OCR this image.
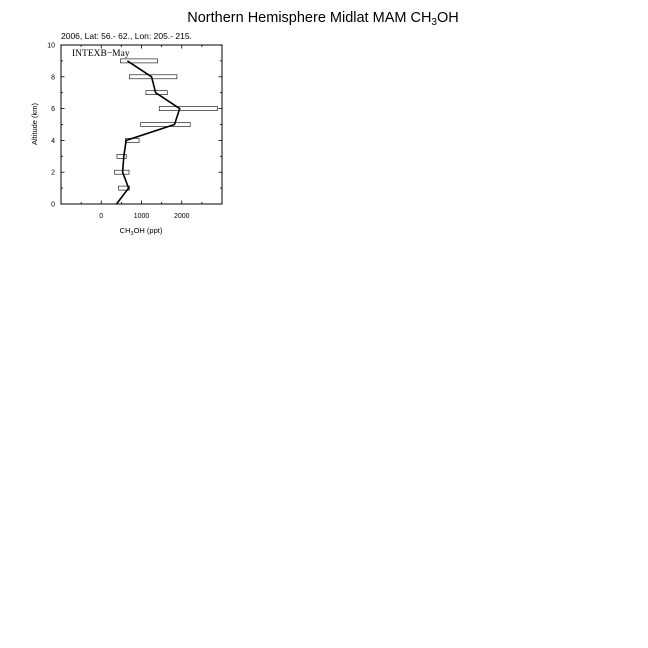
Northern Hemisphere Midlat MAM $CH_3OH$
2006, Lat: 56.- 62., Lon: 205.- 215.
0	1000	2000
0
2
4
6
8
10
INTEXB−May
$CH_3OH$ (ppt)
Altitude (km)
